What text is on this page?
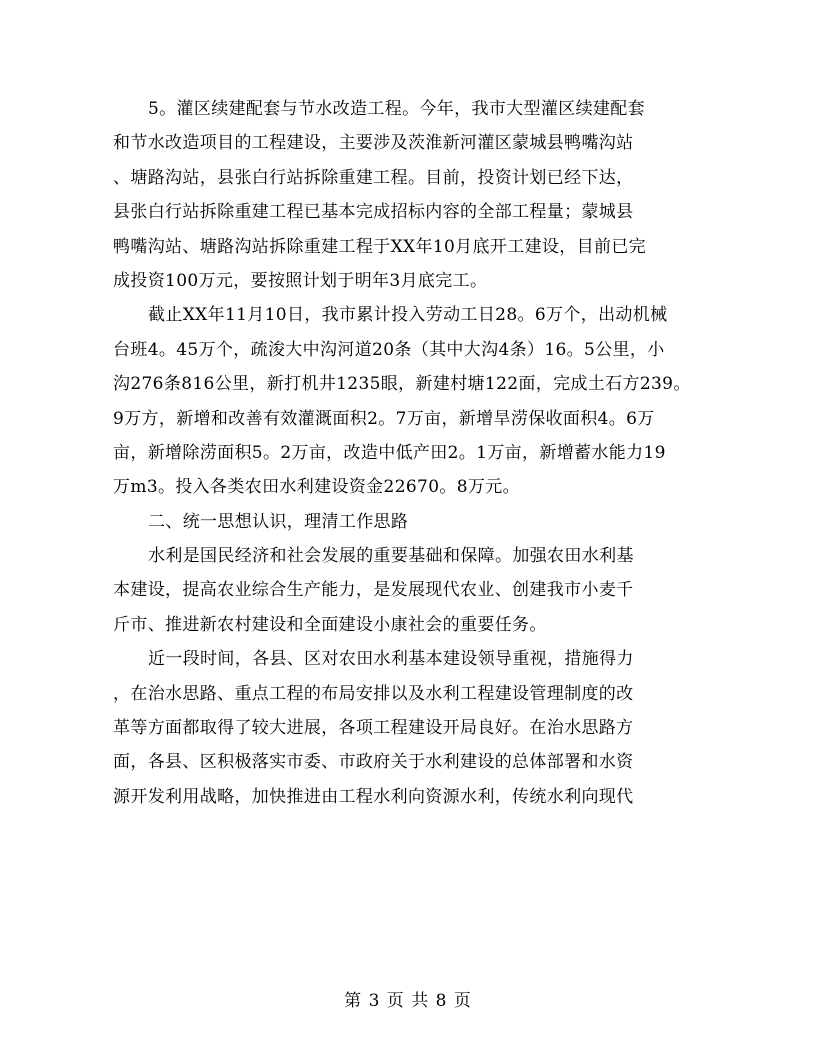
5。灌区续建配套与节水改造工程。今年，我市大型灌区续建配套
和节水改造项目的工程建设，主要涉及茨淮新河灌区蒙城县鸭嘴沟站
、塘路沟站，县张白行站拆除重建工程。目前，投资计划已经下达，
县张白行站拆除重建工程已基本完成招标内容的全部工程量；蒙城县
鸭嘴沟站、塘路沟站拆除重建工程于XX年10月底开工建设，目前已完
成投资100万元，要按照计划于明年3月底完工。
截止XX年11月10日，我市累计投入劳动工日28。6万个，出动机械
台班4。45万个，疏浚大中沟河道20条（其中大沟4条）16。5公里，小
沟276条816公里，新打机井1235眼，新建村塘122面，完成土石方239。
9万方，新增和改善有效灌溉面积2。7万亩，新增旱涝保收面积4。6万
亩，新增除涝面积5。2万亩，改造中低产田2。1万亩，新增蓄水能力19
万m3。投入各类农田水利建设资金22670。8万元。
二、统一思想认识，理清工作思路
水利是国民经济和社会发展的重要基础和保障。加强农田水利基
本建设，提高农业综合生产能力，是发展现代农业、创建我市小麦千
斤市、推进新农村建设和全面建设小康社会的重要任务。
近一段时间，各县、区对农田水利基本建设领导重视，措施得力
，在治水思路、重点工程的布局安排以及水利工程建设管理制度的改
革等方面都取得了较大进展，各项工程建设开局良好。在治水思路方
面，各县、区积极落实市委、市政府关于水利建设的总体部署和水资
源开发利用战略，加快推进由工程水利向资源水利，传统水利向现代
第 3 页 共 8 页
